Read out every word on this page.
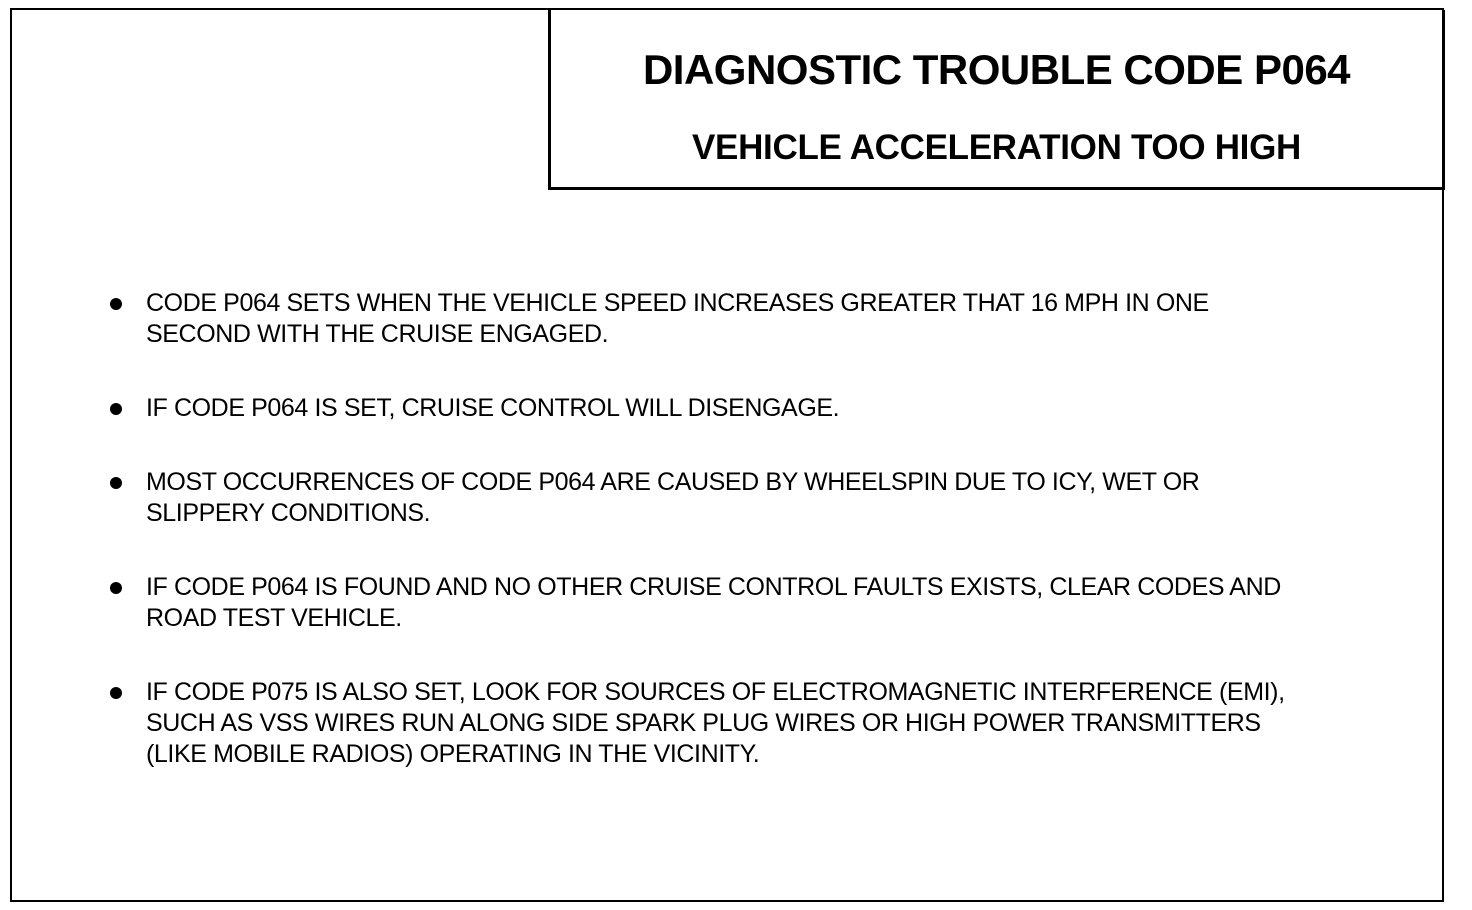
DIAGNOSTIC TROUBLE CODE P064
VEHICLE ACCELERATION TOO HIGH
CODE P064 SETS WHEN THE VEHICLE SPEED INCREASES GREATER THAT 16 MPH IN ONE SECOND WITH THE CRUISE ENGAGED.
IF CODE P064 IS SET, CRUISE CONTROL WILL DISENGAGE.
MOST OCCURRENCES OF CODE P064 ARE CAUSED BY WHEELSPIN DUE TO ICY, WET OR SLIPPERY CONDITIONS.
IF CODE P064 IS FOUND AND NO OTHER CRUISE CONTROL FAULTS EXISTS, CLEAR CODES AND ROAD TEST VEHICLE.
IF CODE P075 IS ALSO SET, LOOK FOR SOURCES OF ELECTROMAGNETIC INTERFERENCE (EMI), SUCH AS VSS WIRES RUN ALONG SIDE SPARK PLUG WIRES OR HIGH POWER TRANSMITTERS (LIKE MOBILE RADIOS) OPERATING IN THE VICINITY.
